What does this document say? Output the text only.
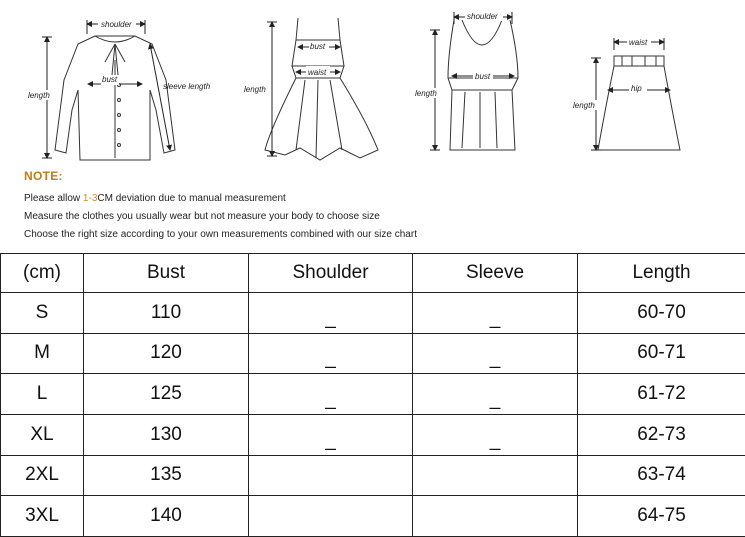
shoulder
bust
length
sleeve length
bust
waist
length
shoulder
bust
length
waist
hip
length
NOTE:
Please allow 1-3CM deviation due to manual measurement
Measure the clothes you usually wear but not measure your body to choose size
Choose the right size according to your own measurements combined with our size chart
(cm)	Bust	Shoulder	Sleeve	Length
S	110	_	_	60-70
M	120	_	_	60-71
L	125	_	_	61-72
XL	130	_	_	62-73
2XL	135			63-74
3XL	140			64-75
